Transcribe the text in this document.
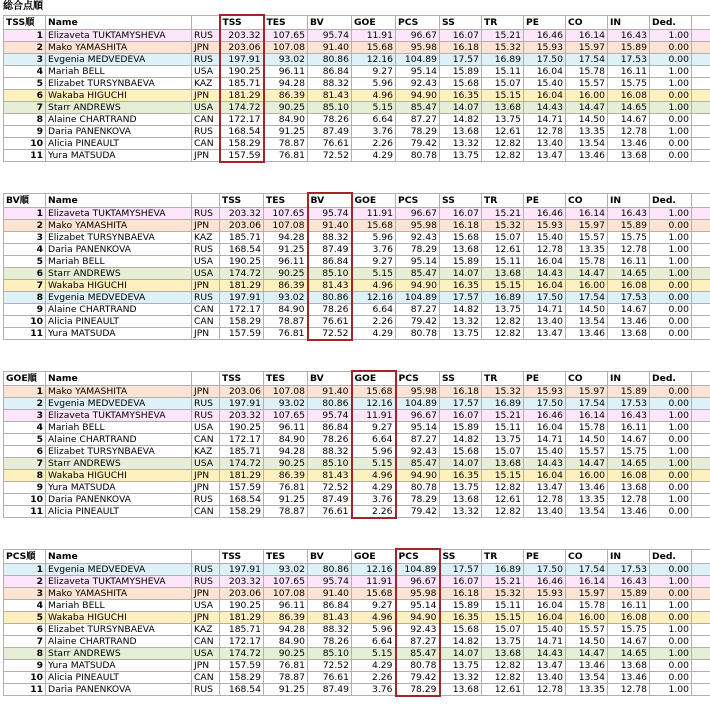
総合点順
TSS順	Name		TSS	TES	BV	GOE	PCS	SS	TR	PE	CO	IN	Ded.	
1	Elizaveta TUKTAMYSHEVA	RUS	203.32	107.65	95.74	11.91	96.67	16.07	15.21	16.46	16.14	16.43	1.00	
2	Mako YAMASHITA	JPN	203.06	107.08	91.40	15.68	95.98	16.18	15.32	15.93	15.97	15.89	0.00	
3	Evgenia MEDVEDEVA	RUS	197.91	93.02	80.86	12.16	104.89	17.57	16.89	17.50	17.54	17.53	0.00	
4	Mariah BELL	USA	190.25	96.11	86.84	9.27	95.14	15.89	15.11	16.04	15.78	16.11	1.00	
5	Elizabet TURSYNBAEVA	KAZ	185.71	94.28	88.32	5.96	92.43	15.68	15.07	15.40	15.57	15.75	1.00	
6	Wakaba HIGUCHI	JPN	181.29	86.39	81.43	4.96	94.90	16.35	15.15	16.04	16.00	16.08	0.00	
7	Starr ANDREWS	USA	174.72	90.25	85.10	5.15	85.47	14.07	13.68	14.43	14.47	14.65	1.00	
8	Alaine CHARTRAND	CAN	172.17	84.90	78.26	6.64	87.27	14.82	13.75	14.71	14.50	14.67	0.00	
9	Daria PANENKOVA	RUS	168.54	91.25	87.49	3.76	78.29	13.68	12.61	12.78	13.35	12.78	1.00	
10	Alicia PINEAULT	CAN	158.29	78.87	76.61	2.26	79.42	13.32	12.82	13.40	13.54	13.46	0.00	
11	Yura MATSUDA	JPN	157.59	76.81	72.52	4.29	80.78	13.75	12.82	13.47	13.46	13.68	0.00	
BV順	Name		TSS	TES	BV	GOE	PCS	SS	TR	PE	CO	IN	Ded.	
1	Elizaveta TUKTAMYSHEVA	RUS	203.32	107.65	95.74	11.91	96.67	16.07	15.21	16.46	16.14	16.43	1.00	
2	Mako YAMASHITA	JPN	203.06	107.08	91.40	15.68	95.98	16.18	15.32	15.93	15.97	15.89	0.00	
3	Elizabet TURSYNBAEVA	KAZ	185.71	94.28	88.32	5.96	92.43	15.68	15.07	15.40	15.57	15.75	1.00	
4	Daria PANENKOVA	RUS	168.54	91.25	87.49	3.76	78.29	13.68	12.61	12.78	13.35	12.78	1.00	
5	Mariah BELL	USA	190.25	96.11	86.84	9.27	95.14	15.89	15.11	16.04	15.78	16.11	1.00	
6	Starr ANDREWS	USA	174.72	90.25	85.10	5.15	85.47	14.07	13.68	14.43	14.47	14.65	1.00	
7	Wakaba HIGUCHI	JPN	181.29	86.39	81.43	4.96	94.90	16.35	15.15	16.04	16.00	16.08	0.00	
8	Evgenia MEDVEDEVA	RUS	197.91	93.02	80.86	12.16	104.89	17.57	16.89	17.50	17.54	17.53	0.00	
9	Alaine CHARTRAND	CAN	172.17	84.90	78.26	6.64	87.27	14.82	13.75	14.71	14.50	14.67	0.00	
10	Alicia PINEAULT	CAN	158.29	78.87	76.61	2.26	79.42	13.32	12.82	13.40	13.54	13.46	0.00	
11	Yura MATSUDA	JPN	157.59	76.81	72.52	4.29	80.78	13.75	12.82	13.47	13.46	13.68	0.00	
GOE順	Name		TSS	TES	BV	GOE	PCS	SS	TR	PE	CO	IN	Ded.	
1	Mako YAMASHITA	JPN	203.06	107.08	91.40	15.68	95.98	16.18	15.32	15.93	15.97	15.89	0.00	
2	Evgenia MEDVEDEVA	RUS	197.91	93.02	80.86	12.16	104.89	17.57	16.89	17.50	17.54	17.53	0.00	
3	Elizaveta TUKTAMYSHEVA	RUS	203.32	107.65	95.74	11.91	96.67	16.07	15.21	16.46	16.14	16.43	1.00	
4	Mariah BELL	USA	190.25	96.11	86.84	9.27	95.14	15.89	15.11	16.04	15.78	16.11	1.00	
5	Alaine CHARTRAND	CAN	172.17	84.90	78.26	6.64	87.27	14.82	13.75	14.71	14.50	14.67	0.00	
6	Elizabet TURSYNBAEVA	KAZ	185.71	94.28	88.32	5.96	92.43	15.68	15.07	15.40	15.57	15.75	1.00	
7	Starr ANDREWS	USA	174.72	90.25	85.10	5.15	85.47	14.07	13.68	14.43	14.47	14.65	1.00	
8	Wakaba HIGUCHI	JPN	181.29	86.39	81.43	4.96	94.90	16.35	15.15	16.04	16.00	16.08	0.00	
9	Yura MATSUDA	JPN	157.59	76.81	72.52	4.29	80.78	13.75	12.82	13.47	13.46	13.68	0.00	
10	Daria PANENKOVA	RUS	168.54	91.25	87.49	3.76	78.29	13.68	12.61	12.78	13.35	12.78	1.00	
11	Alicia PINEAULT	CAN	158.29	78.87	76.61	2.26	79.42	13.32	12.82	13.40	13.54	13.46	0.00	
PCS順	Name		TSS	TES	BV	GOE	PCS	SS	TR	PE	CO	IN	Ded.	
1	Evgenia MEDVEDEVA	RUS	197.91	93.02	80.86	12.16	104.89	17.57	16.89	17.50	17.54	17.53	0.00	
2	Elizaveta TUKTAMYSHEVA	RUS	203.32	107.65	95.74	11.91	96.67	16.07	15.21	16.46	16.14	16.43	1.00	
3	Mako YAMASHITA	JPN	203.06	107.08	91.40	15.68	95.98	16.18	15.32	15.93	15.97	15.89	0.00	
4	Mariah BELL	USA	190.25	96.11	86.84	9.27	95.14	15.89	15.11	16.04	15.78	16.11	1.00	
5	Wakaba HIGUCHI	JPN	181.29	86.39	81.43	4.96	94.90	16.35	15.15	16.04	16.00	16.08	0.00	
6	Elizabet TURSYNBAEVA	KAZ	185.71	94.28	88.32	5.96	92.43	15.68	15.07	15.40	15.57	15.75	1.00	
7	Alaine CHARTRAND	CAN	172.17	84.90	78.26	6.64	87.27	14.82	13.75	14.71	14.50	14.67	0.00	
8	Starr ANDREWS	USA	174.72	90.25	85.10	5.15	85.47	14.07	13.68	14.43	14.47	14.65	1.00	
9	Yura MATSUDA	JPN	157.59	76.81	72.52	4.29	80.78	13.75	12.82	13.47	13.46	13.68	0.00	
10	Alicia PINEAULT	CAN	158.29	78.87	76.61	2.26	79.42	13.32	12.82	13.40	13.54	13.46	0.00	
11	Daria PANENKOVA	RUS	168.54	91.25	87.49	3.76	78.29	13.68	12.61	12.78	13.35	12.78	1.00	
